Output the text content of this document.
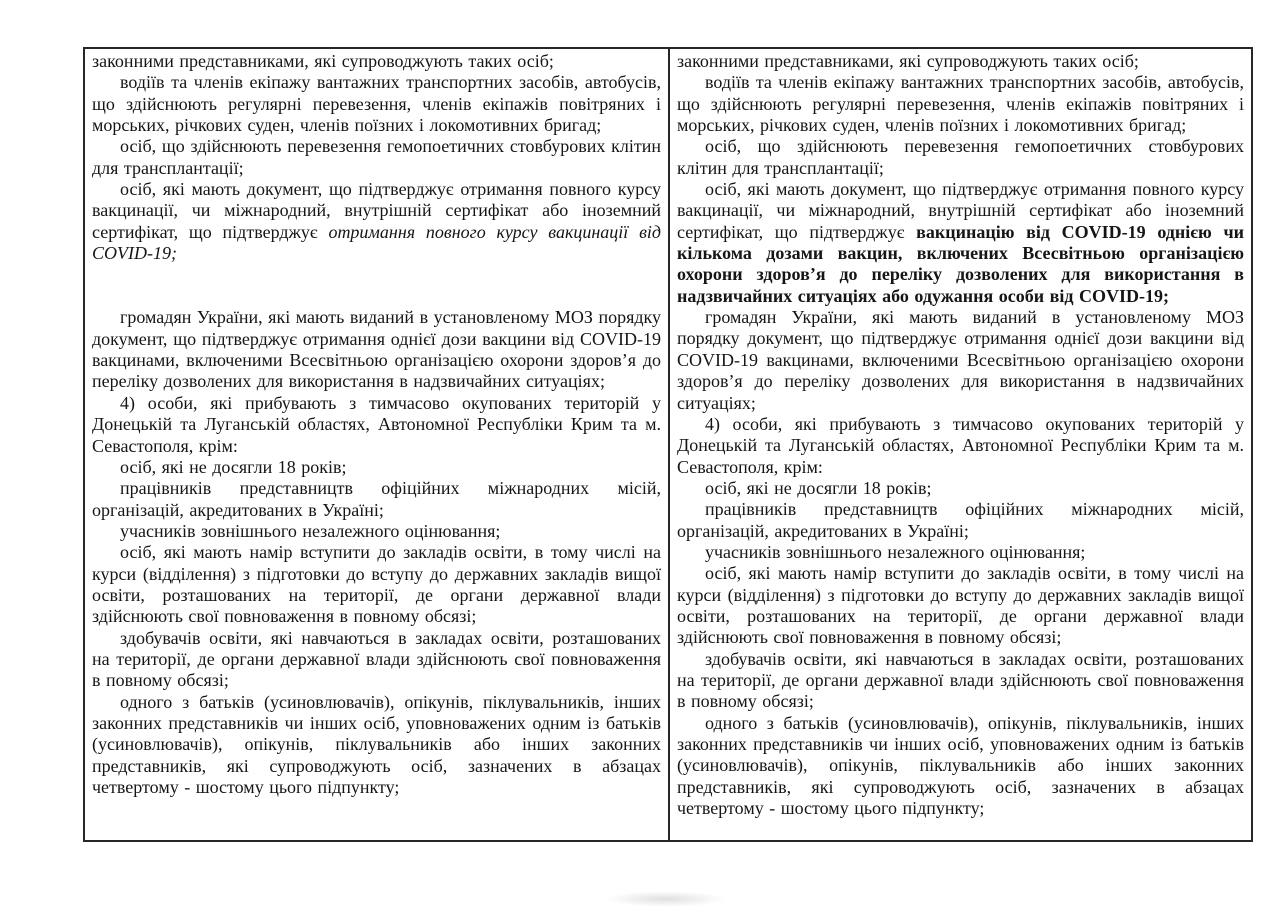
законними представниками, які супроводжують таких осіб;

водіїв та членів екіпажу вантажних транспортних засобів, автобусів, що здійснюють регулярні перевезення, членів екіпажів повітряних і морських, річкових суден, членів поїзних і локомотивних бригад;

осіб, що здійснюють перевезення гемопоетичних стовбурових клітин для трансплантації;

осіб, які мають документ, що підтверджує отримання повного курсу вакцинації, чи міжнародний, внутрішній сертифікат або іноземний сертифікат, що підтверджує отримання повного курсу вакцинації від COVID-19;

громадян України, які мають виданий в установленому МОЗ порядку документ, що підтверджує отримання однієї дози вакцини від COVID-19 вакцинами, включеними Всесвітньою організацією охорони здоров’я до переліку дозволених для використання в надзвичайних ситуаціях;

4) особи, які прибувають з тимчасово окупованих територій у Донецькій та Луганській областях, Автономної Республіки Крим та м. Севастополя, крім:

осіб, які не досягли 18 років;

працівників представництв офіційних міжнародних місій, організацій, акредитованих в Україні;

учасників зовнішнього незалежного оцінювання;

осіб, які мають намір вступити до закладів освіти, в тому числі на курси (відділення) з підготовки до вступу до державних закладів вищої освіти, розташованих на території, де органи державної влади здійснюють свої повноваження в повному обсязі;

здобувачів освіти, які навчаються в закладах освіти, розташованих на території, де органи державної влади здійснюють свої повноваження в повному обсязі;

одного з батьків (усиновлювачів), опікунів, піклувальників, інших законних представників чи інших осіб, уповноважених одним із батьків (усиновлювачів), опікунів, піклувальників або інших законних представників, які супроводжують осіб, зазначених в абзацах четвертому - шостому цього підпункту;

законними представниками, які супроводжують таких осіб;

водіїв та членів екіпажу вантажних транспортних засобів, автобусів, що здійснюють регулярні перевезення, членів екіпажів повітряних і морських, річкових суден, членів поїзних і локомотивних бригад;

осіб, що здійснюють перевезення гемопоетичних стовбурових клітин для трансплантації;

осіб, які мають документ, що підтверджує отримання повного курсу вакцинації, чи міжнародний, внутрішній сертифікат або іноземний сертифікат, що підтверджує вакцинацію від COVID-19 однією чи кількома дозами вакцин, включених Всесвітньою організацією охорони здоров’я до переліку дозволених для використання в надзвичайних ситуаціях або одужання особи від COVID-19;

громадян України, які мають виданий в установленому МОЗ порядку документ, що підтверджує отримання однієї дози вакцини від COVID-19 вакцинами, включеними Всесвітньою організацією охорони здоров’я до переліку дозволених для використання в надзвичайних ситуаціях;

4) особи, які прибувають з тимчасово окупованих територій у Донецькій та Луганській областях, Автономної Республіки Крим та м. Севастополя, крім:

осіб, які не досягли 18 років;

працівників представництв офіційних міжнародних місій, організацій, акредитованих в Україні;

учасників зовнішнього незалежного оцінювання;

осіб, які мають намір вступити до закладів освіти, в тому числі на курси (відділення) з підготовки до вступу до державних закладів вищої освіти, розташованих на території, де органи державної влади здійснюють свої повноваження в повному обсязі;

здобувачів освіти, які навчаються в закладах освіти, розташованих на території, де органи державної влади здійснюють свої повноваження в повному обсязі;

одного з батьків (усиновлювачів), опікунів, піклувальників, інших законних представників чи інших осіб, уповноважених одним із батьків (усиновлювачів), опікунів, піклувальників або інших законних представників, які супроводжують осіб, зазначених в абзацах четвертому - шостому цього підпункту;
